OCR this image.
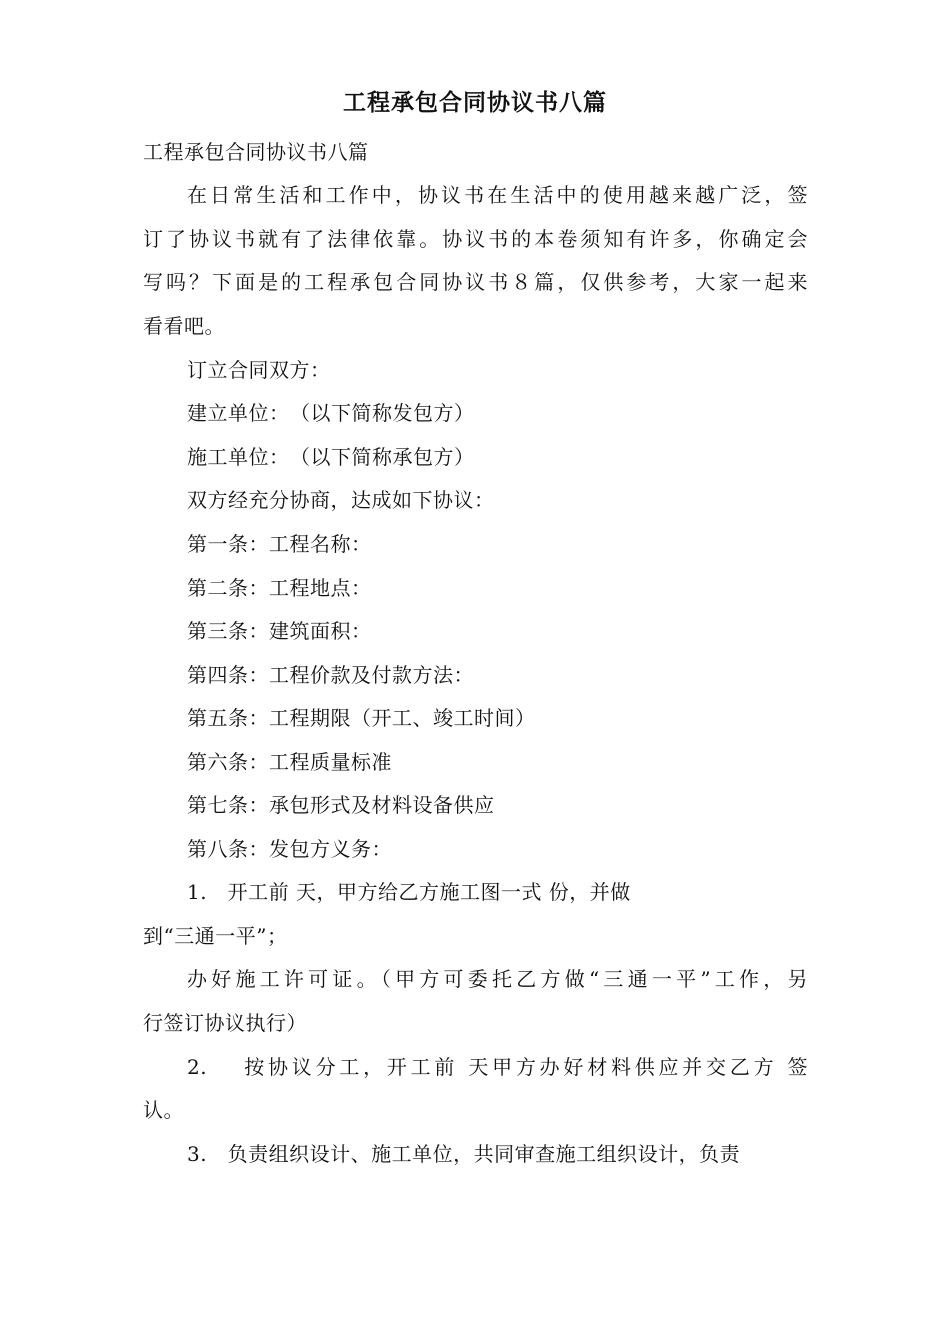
工程承包合同协议书八篇
工程承包合同协议书八篇
在日常生活和工作中，协议书在生活中的使用越来越广泛，签
订了协议书就有了法律依靠。协议书的本卷须知有许多，你确定会
写吗？下面是的工程承包合同协议书８篇，仅供参考，大家一起来
看看吧。
订立合同双方：
建立单位：　（以下简称发包方）
施工单位：　（以下简称承包方）
双方经充分协商，达成如下协议：
第一条：工程名称：
第二条：工程地点：
第三条：建筑面积：
第四条：工程价款及付款方法：
第五条：工程期限（开工、竣工时间）
第六条：工程质量标准
第七条：承包形式及材料设备供应
第八条：发包方义务：
1.　开工前 天，甲方给乙方施工图一式 份，并做
到“三通一平”；
办好施工许可证。（甲方可委托乙方做“三通一平”工作，另
行签订协议执行）
2.　 按协议分工，开工前 天甲方办好材料供应并交乙方 签
认。
3.　负责组织设计、施工单位，共同审查施工组织设计，负责
